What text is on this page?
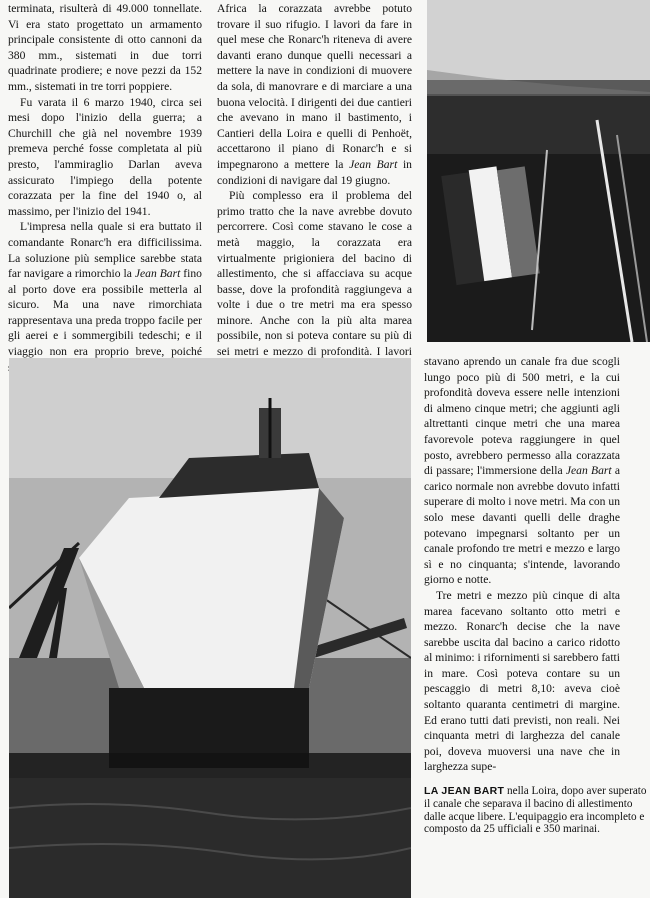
terminata, risulterà di 49.000 tonnellate. Vi era stato progettato un armamento principale consistente di otto cannoni da 380 mm., sistemati in due torri quadrinate prodiere; e nove pezzi da 152 mm., sistemati in tre torri poppiere.

Fu varata il 6 marzo 1940, circa sei mesi dopo l'inizio della guerra; a Churchill che già nel novembre 1939 premeva perché fosse completata al più presto, l'ammiraglio Darlan aveva assicurato l'impiego della potente corazzata per la fine del 1940 o, al massimo, per l'inizio del 1941.

L'impresa nella quale si era buttato il comandante Ronarc'h era difficilissima. La soluzione più semplice sarebbe stata far navigare a rimorchio la Jean Bart fino al porto dove era possibile metterla al sicuro. Ma una nave rimorchiata rappresentava una preda troppo facile per gli aerei e i sommergibili tedeschi; e il viaggio non era proprio breve, poiché

Africa la corazzata avrebbe potuto trovare il suo rifugio. I lavori da fare in quel mese che Ronarc'h riteneva di avere davanti erano dunque quelli necessari a mettere la nave in condizioni di muovere da sola, di manovrare e di marciare a una buona velocità. I dirigenti dei due cantieri che avevano in mano il bastimento, i Cantieri della Loira e quelli di Penhoët, accettarono il piano di Ronarc'h e si impegnarono a mettere la Jean Bart in condizioni di navigare dal 19 giugno.

Più complesso era il problema del primo tratto che la nave avrebbe dovuto percorrere. Così come stavano le cose a metà maggio, la corazzata era virtualmente prigioniera del bacino di allestimento, che si affacciava su acque basse, dove la profondità raggiungeva a volte i due o tre metri ma era spesso minore. Anche con la più alta marea possibile, non si poteva contare su più di sei metri e mezzo di profondità. I lavori

stavano aprendo un canale fra due scogli lungo poco più di 500 metri, e la cui profondità doveva essere nelle intenzioni di almeno cinque metri; che aggiunti agli altrettanti cinque metri che una marea favorevole poteva raggiungere in quel posto, avrebbero permesso alla corazzata di passare; l'immersione della Jean Bart a carico normale non avrebbe dovuto infatti superare di molto i nove metri. Ma con un solo mese davanti quelli delle draghe potevano impegnarsi soltanto per un canale profondo tre metri e mezzo e largo sì e no cinquanta; s'intende, lavorando giorno e notte.

Tre metri e mezzo più cinque di alta marea facevano soltanto otto metri e mezzo. Ronarc'h decise che la nave sarebbe uscita dal bacino a carico ridotto al minimo: i rifornimenti si sarebbero fatti in mare. Così poteva contare su un pescaggio di metri 8,10: aveva cioè soltanto quaranta centimetri di margine. Ed erano tutti dati previsti, non reali. Nei cinquanta metri di larghezza del canale poi, doveva muoversi una nave che in larghezza supe-

LA JEAN BART nella Loira, dopo aver superato il canale che separava il bacino di allestimento dalle acque libere. L'equipaggio era incompleto e composto da 25 ufficiali e 350 marinai.
